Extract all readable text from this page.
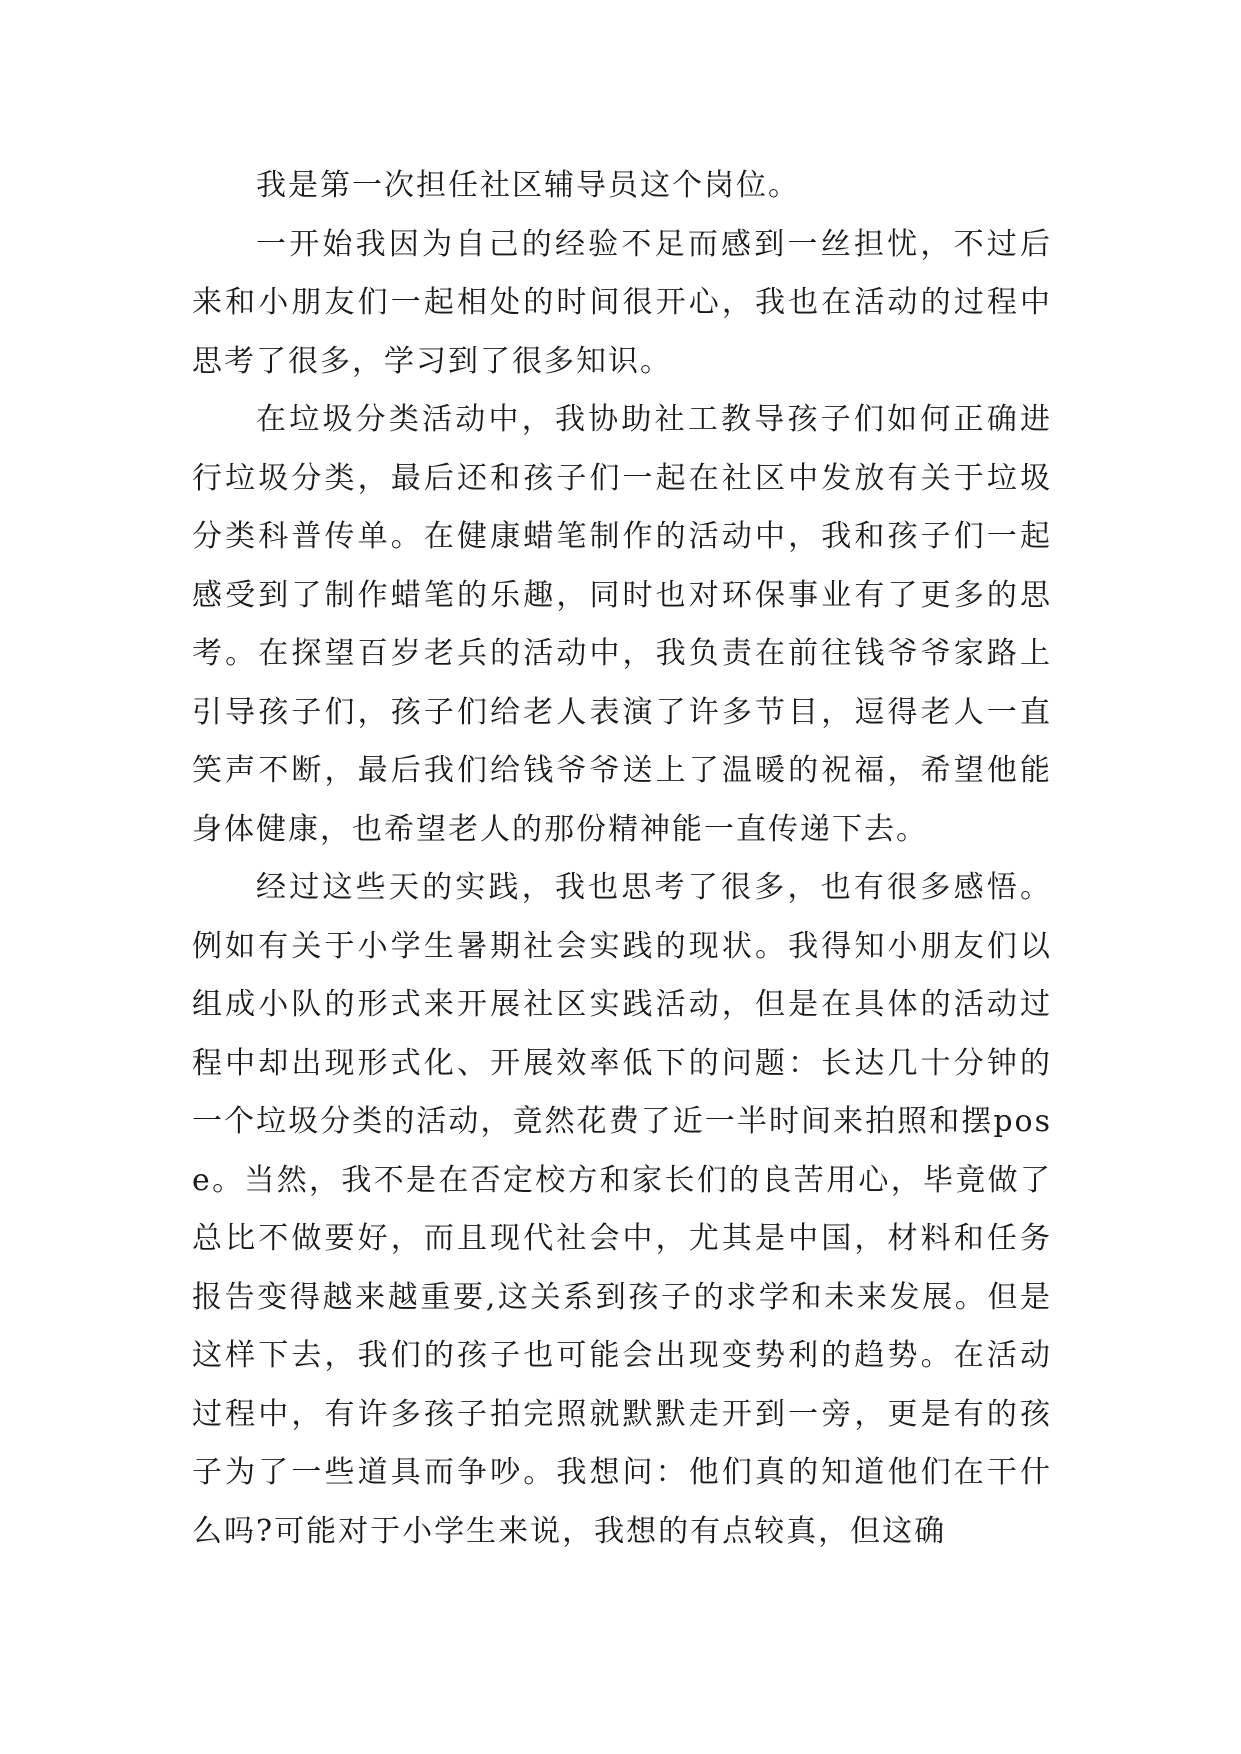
我是第一次担任社区辅导员这个岗位。

一开始我因为自己的经验不足而感到一丝担忧，不过后来和小朋友们一起相处的时间很开心，我也在活动的过程中思考了很多，学习到了很多知识。

在垃圾分类活动中，我协助社工教导孩子们如何正确进行垃圾分类，最后还和孩子们一起在社区中发放有关于垃圾分类科普传单。在健康蜡笔制作的活动中，我和孩子们一起感受到了制作蜡笔的乐趣，同时也对环保事业有了更多的思考。在探望百岁老兵的活动中，我负责在前往钱爷爷家路上引导孩子们，孩子们给老人表演了许多节目，逗得老人一直笑声不断，最后我们给钱爷爷送上了温暖的祝福，希望他能身体健康，也希望老人的那份精神能一直传递下去。

经过这些天的实践，我也思考了很多，也有很多感悟。例如有关于小学生暑期社会实践的现状。我得知小朋友们以组成小队的形式来开展社区实践活动，但是在具体的活动过程中却出现形式化、开展效率低下的问题：长达几十分钟的一个垃圾分类的活动，竟然花费了近一半时间来拍照和摆pose。当然，我不是在否定校方和家长们的良苦用心，毕竟做了总比不做要好，而且现代社会中，尤其是中国，材料和任务报告变得越来越重要,这关系到孩子的求学和未来发展。但是这样下去，我们的孩子也可能会出现变势利的趋势。在活动过程中，有许多孩子拍完照就默默走开到一旁，更是有的孩子为了一些道具而争吵。我想问：他们真的知道他们在干什么吗?可能对于小学生来说，我想的有点较真，但这确
